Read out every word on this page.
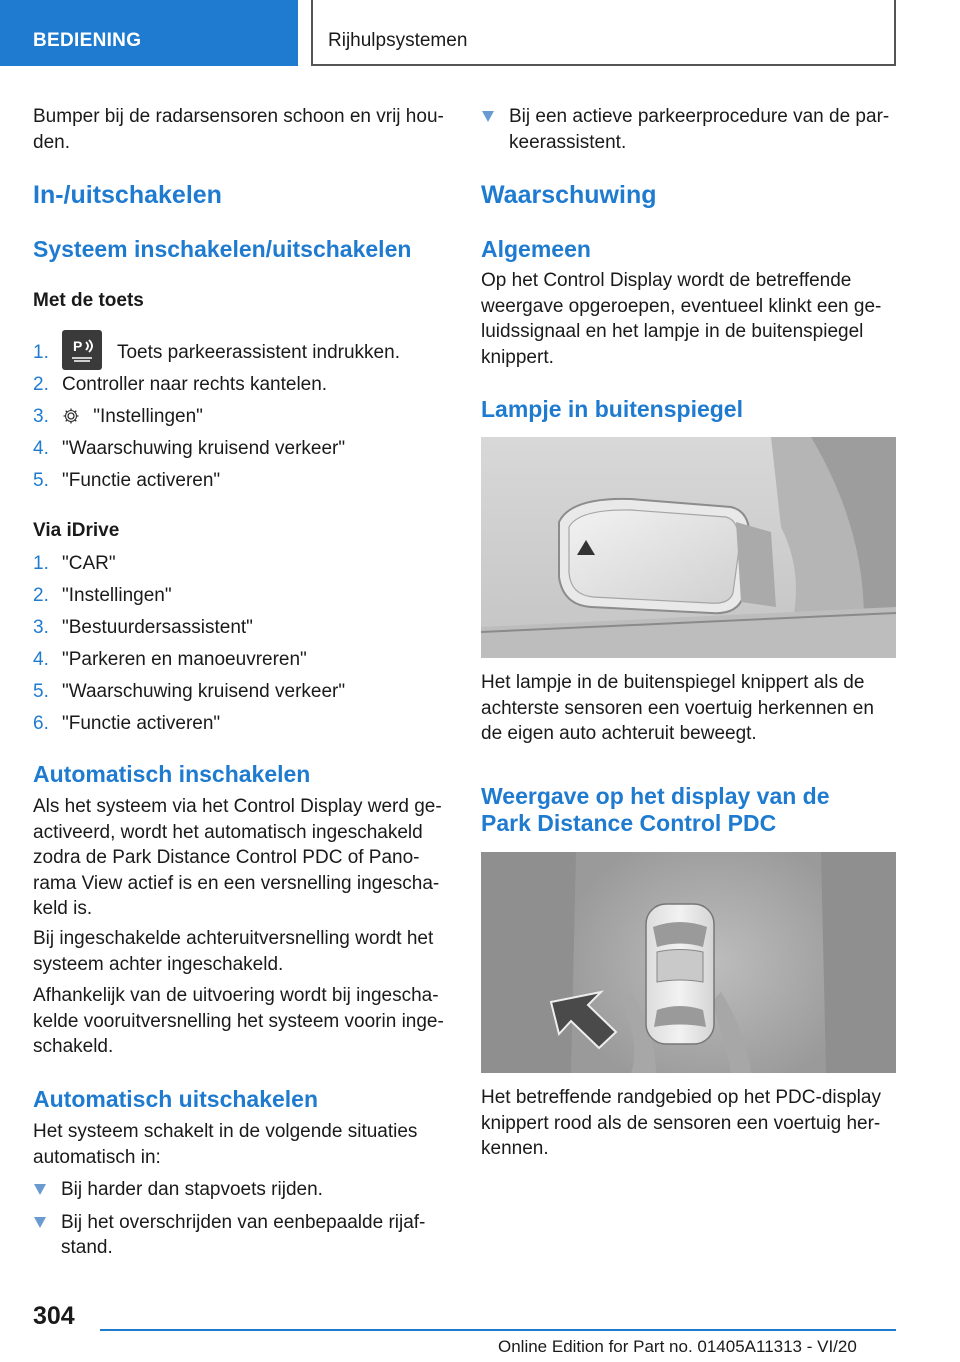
BEDIENING	Rijhulpsystemen

Bumper bij de radarsensoren schoon en vrij hou-
den.

In-/uitschakelen
Systeem inschakelen/uitschakelen
Met de toets
1. P Toets parkeerassistent indrukken.
2. Controller naar rechts kantelen.
3. "Instellingen"
4. "Waarschuwing kruisend verkeer"
5. "Functie activeren"
Via iDrive
1. "CAR"
2. "Instellingen"
3. "Bestuurdersassistent"
4. "Parkeren en manoeuvreren"
5. "Waarschuwing kruisend verkeer"
6. "Functie activeren"
Automatisch inschakelen

Als het systeem via het Control Display werd ge-
activeerd, wordt het automatisch ingeschakeld
zodra de Park Distance Control PDC of Pano-
rama View actief is en een versnelling ingescha-
keld is.

Bij ingeschakelde achteruitversnelling wordt het
systeem achter ingeschakeld.

Afhankelijk van de uitvoering wordt bij ingescha-
kelde vooruitversnelling het systeem voorin inge-
schakeld.

Automatisch uitschakelen

Het systeem schakelt in de volgende situaties
automatisch in:

Bij harder dan stapvoets rijden.
Bij het overschrijden van eenbepaalde rijaf-
stand.
Bij een actieve parkeerprocedure van de par-
keerassistent.
Waarschuwing
Algemeen

Op het Control Display wordt de betreffende
weergave opgeroepen, eventueel klinkt een ge-
luidssignaal en het lampje in de buitenspiegel
knippert.

Lampje in buitenspiegel

Het lampje in de buitenspiegel knippert als de
achterste sensoren een voertuig herkennen en
de eigen auto achteruit beweegt.

Weergave op het display van de
Park Distance Control PDC

Het betreffende randgebied op het PDC-display
knippert rood als de sensoren een voertuig her-
kennen.

304
Online Edition for Part no. 01405A11313 - VI/20
